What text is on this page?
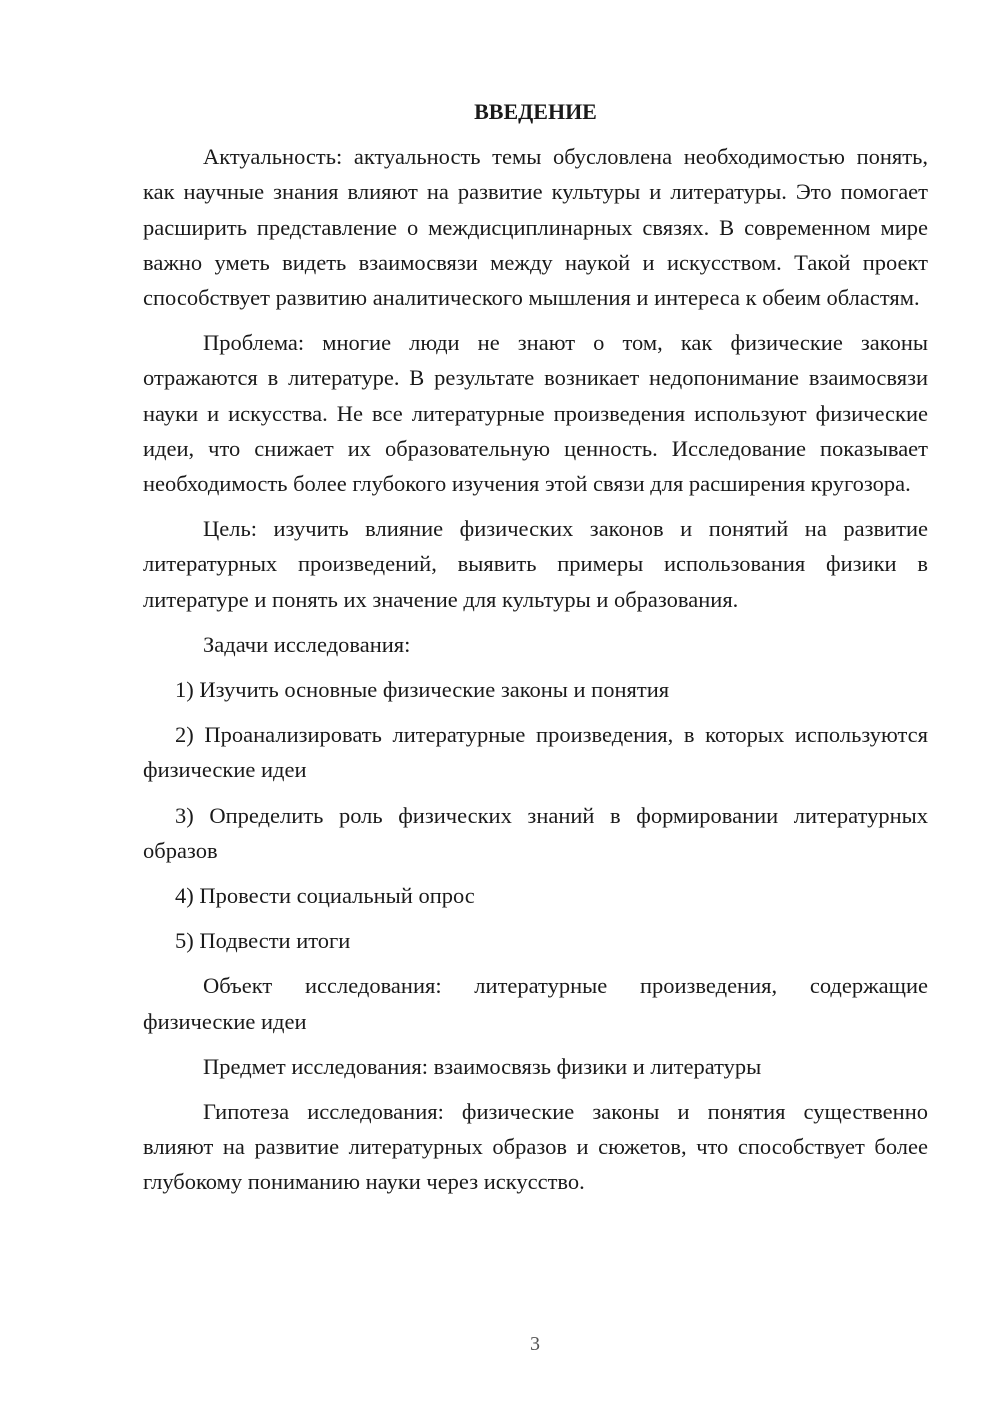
ВВЕДЕНИЕ

Актуальность: актуальность темы обусловлена необходимостью понять, как научные знания влияют на развитие культуры и литературы. Это помогает расширить представление о междисциплинарных связях. В современном мире важно уметь видеть взаимосвязи между наукой и искусством. Такой проект способствует развитию аналитического мышления и интереса к обеим областям.

Проблема: многие люди не знают о том, как физические законы отражаются в литературе. В результате возникает недопонимание взаимосвязи науки и искусства. Не все литературные произведения используют физические идеи, что снижает их образовательную ценность. Исследование показывает необходимость более глубокого изучения этой связи для расширения кругозора.

Цель: изучить влияние физических законов и понятий на развитие литературных произведений, выявить примеры использования физики в литературе и понять их значение для культуры и образования.

Задачи исследования:

1) Изучить основные физические законы и понятия

2) Проанализировать литературные произведения, в которых используются физические идеи

3) Определить роль физических знаний в формировании литературных образов

4) Провести социальный опрос

5) Подвести итоги

Объект исследования: литературные произведения, содержащие физические идеи

Предмет исследования: взаимосвязь физики и литературы

Гипотеза исследования: физические законы и понятия существенно влияют на развитие литературных образов и сюжетов, что способствует более глубокому пониманию науки через искусство.

3
